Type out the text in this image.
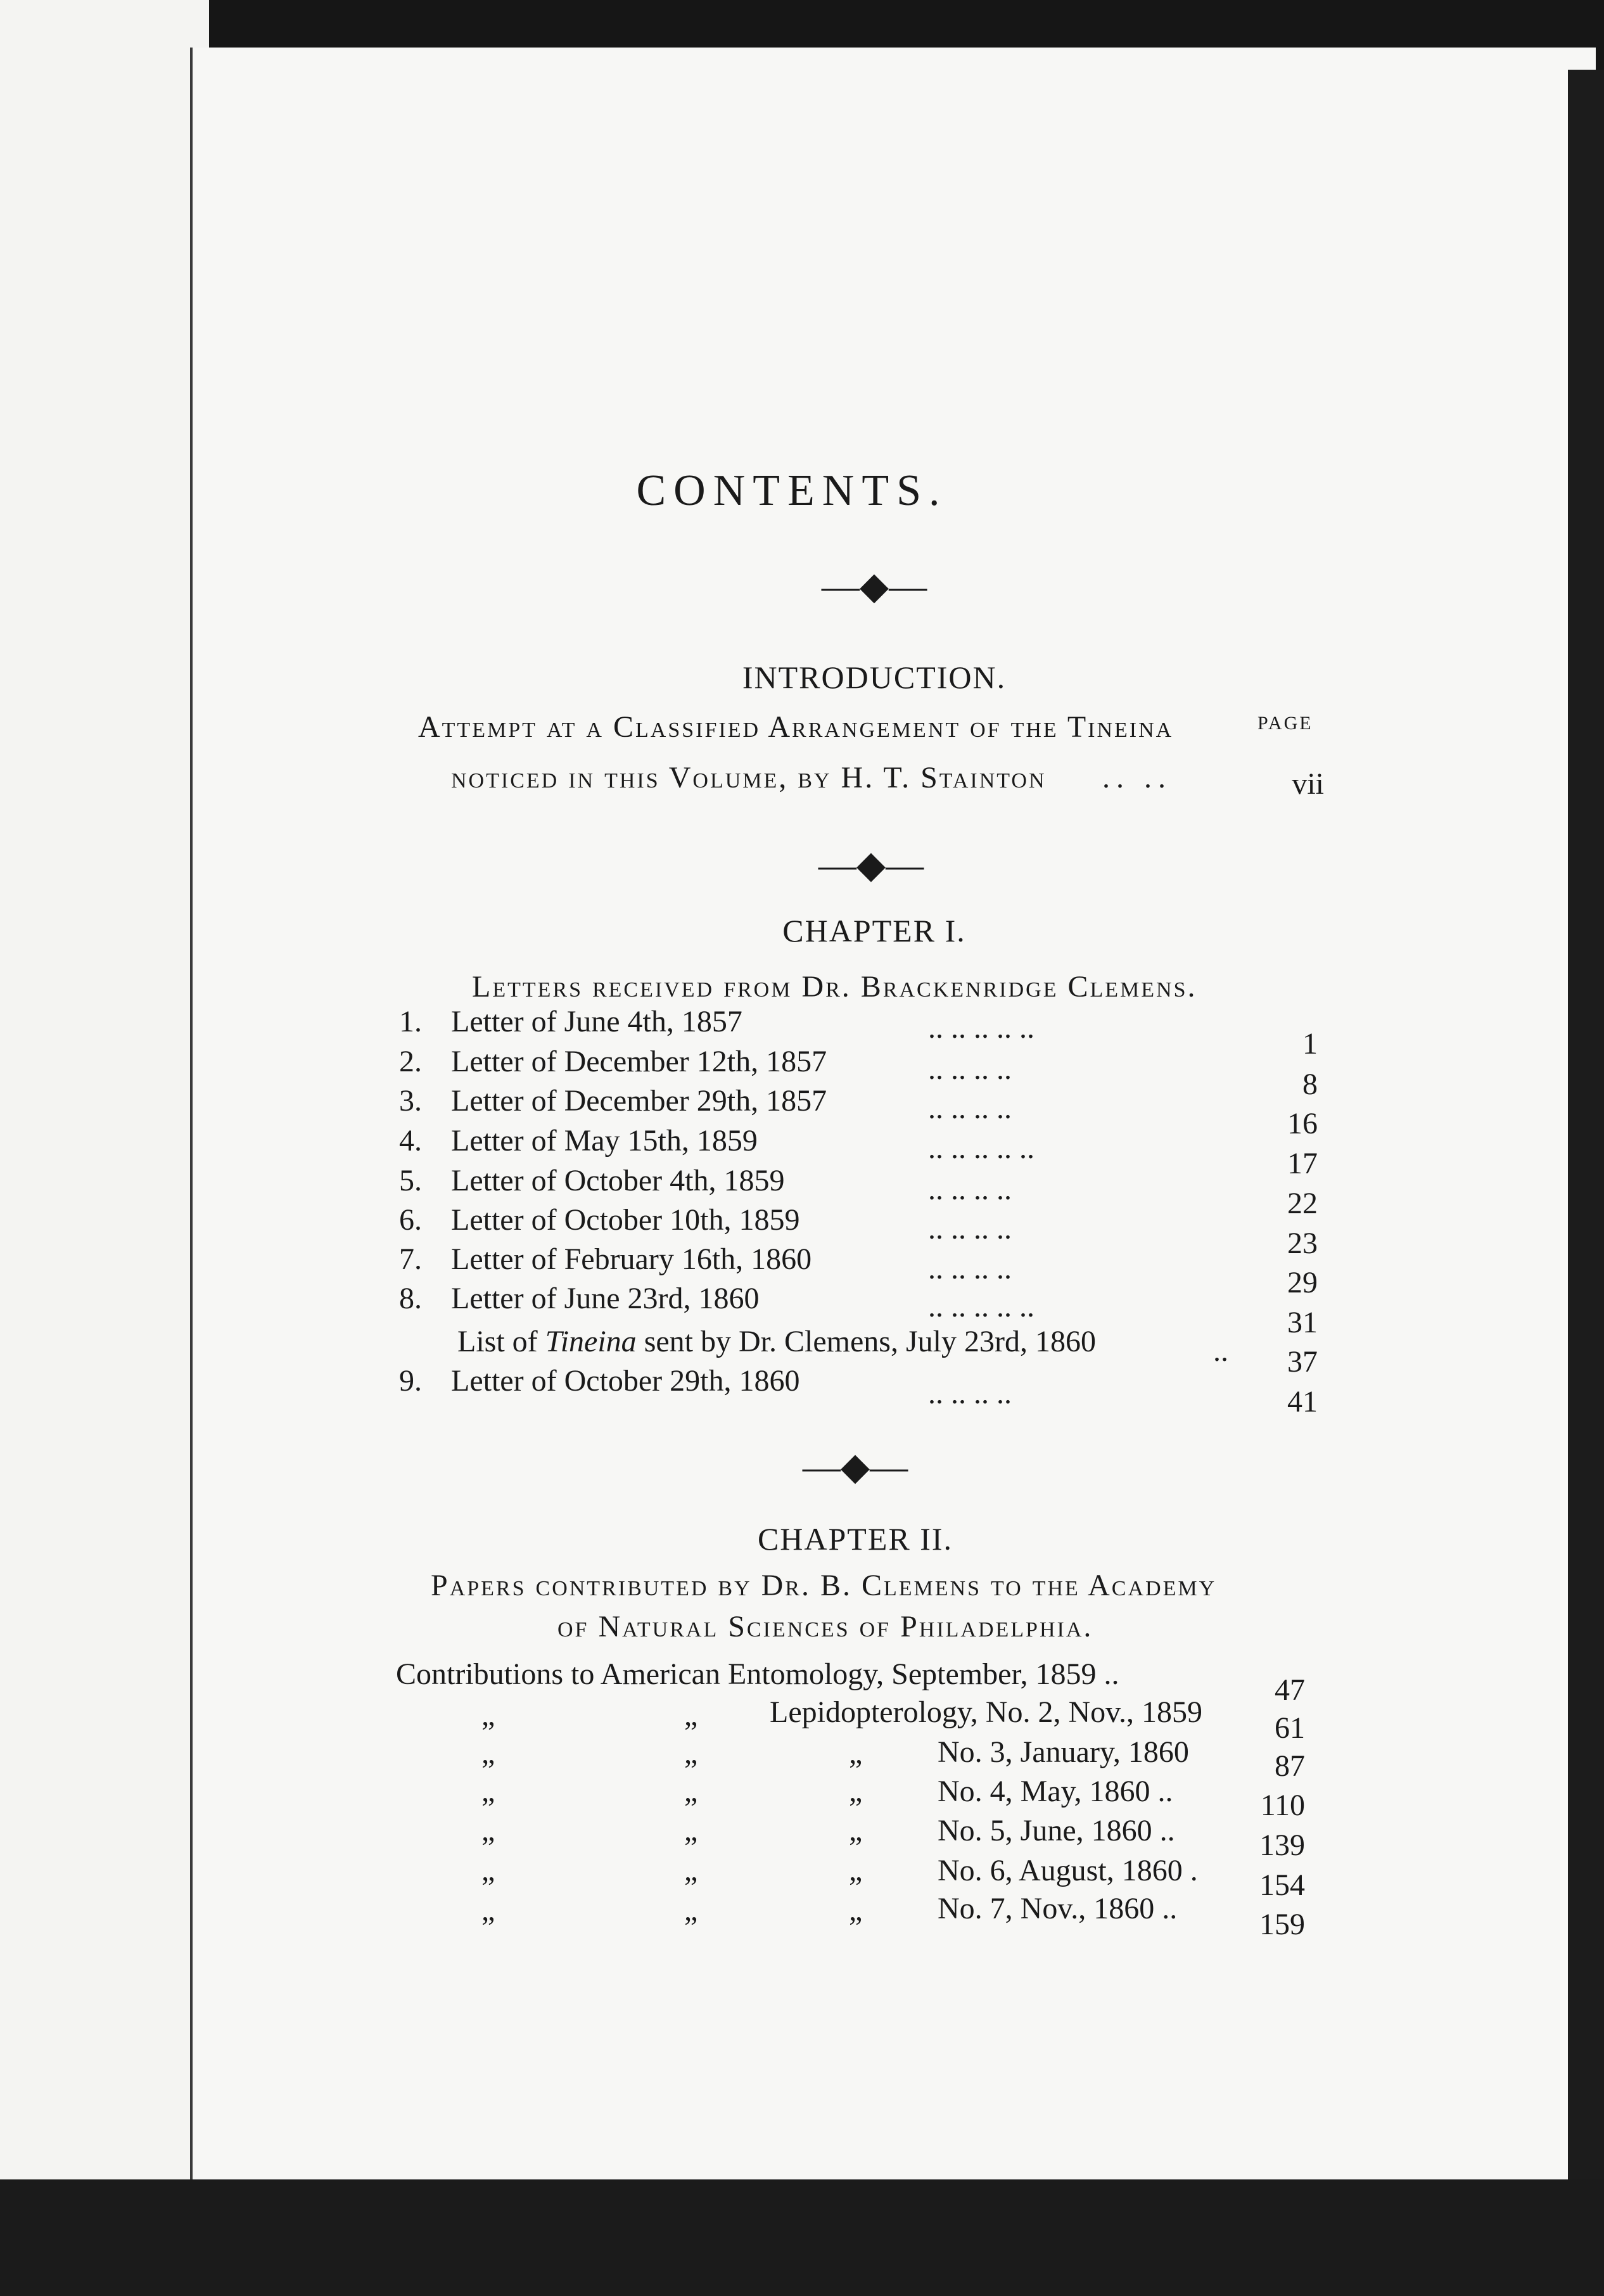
CONTENTS.
—◆—
INTRODUCTION.
PAGE
Attempt at a Classified Arrangement of the Tineina
noticed in this Volume, by H. T. Stainton .. ..	vii
—◆—
CHAPTER I.
Letters received from Dr. Brackenridge Clemens.
1. Letter of June 4th, 1857	.. .. .. .. ..	1
2. Letter of December 12th, 1857	.. .. .. ..	8
3. Letter of December 29th, 1857	.. .. .. ..	16
4. Letter of May 15th, 1859	.. .. .. .. ..	17
5. Letter of October 4th, 1859	.. .. .. ..	22
6. Letter of October 10th, 1859	.. .. .. ..	23
7. Letter of February 16th, 1860	.. .. .. ..	29
8. Letter of June 23rd, 1860	.. .. .. .. ..	31
List of Tineina sent by Dr. Clemens, July 23rd, 1860	..	37
9. Letter of October 29th, 1860	.. .. .. ..	41
—◆—
CHAPTER II.
Papers contributed by Dr. B. Clemens to the Academy
of Natural Sciences of Philadelphia.
Contributions to American Entomology, September, 1859 ..	47
„	„ Lepidopterology, No. 2, Nov., 1859	61
„	„	„ No. 3, January, 1860	87
„	„	„ No. 4, May, 1860 ..	110
„	„	„ No. 5, June, 1860 ..	139
„	„	„ No. 6, August, 1860 .	154
„	„	„ No. 7, Nov., 1860 ..	159
